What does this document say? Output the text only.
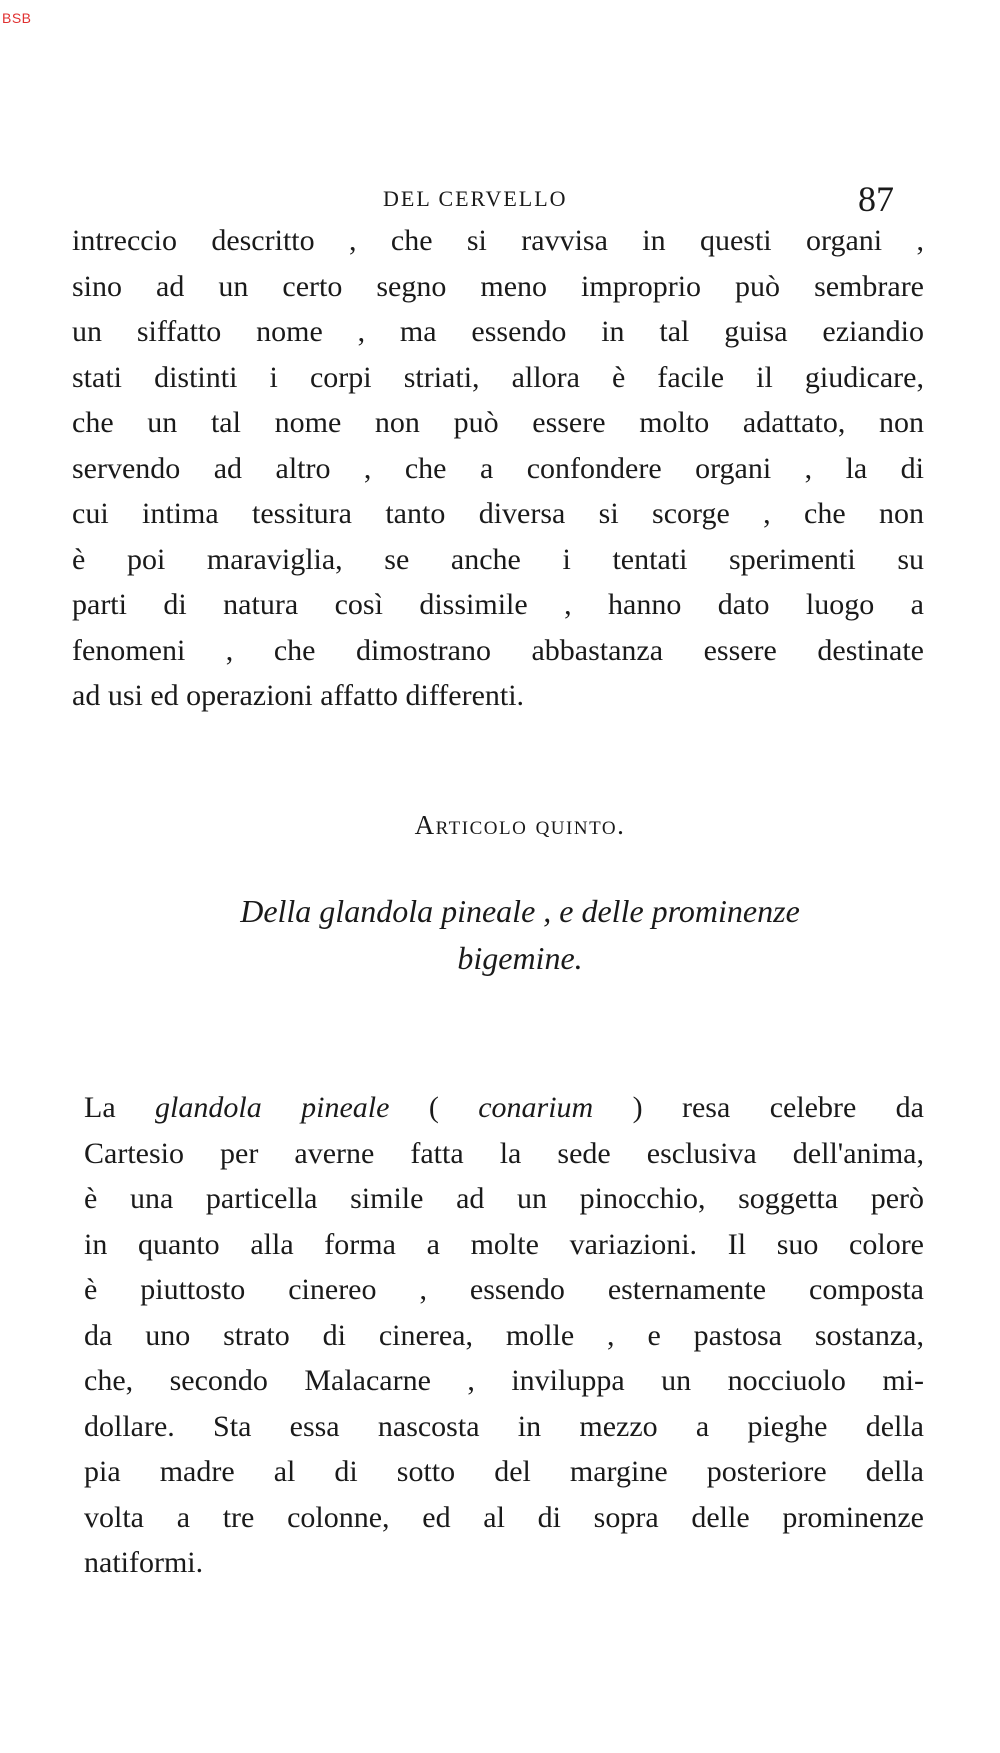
BSB
DEL CERVELLO	87
intreccio descritto , che si ravvisa in questi organi ,
sino ad un certo segno meno improprio può sembrare
un siffatto nome , ma essendo in tal guisa eziandio
stati distinti i corpi striati, allora è facile il giudicare,
che un tal nome non può essere molto adattato, non
servendo ad altro , che a confondere organi , la di
cui intima tessitura tanto diversa si scorge , che non
è poi maraviglia, se anche i tentati sperimenti su
parti di natura così dissimile , hanno dato luogo a
fenomeni , che dimostrano abbastanza essere destinate
ad usi ed operazioni affatto differenti.
Articolo quinto.
Della glandola pineale , e delle prominenze
bigemine.
La glandola pineale ( conarium ) resa celebre da
Cartesio per averne fatta la sede esclusiva dell'anima,
è una particella simile ad un pinocchio, soggetta però
in quanto alla forma a molte variazioni. Il suo colore
è piuttosto cinereo , essendo esternamente composta
da uno strato di cinerea, molle , e pastosa sostanza,
che, secondo Malacarne , inviluppa un nocciuolo mi-
dollare. Sta essa nascosta in mezzo a pieghe della
pia madre al di sotto del margine posteriore della
volta a tre colonne, ed al di sopra delle prominenze
natiformi.
